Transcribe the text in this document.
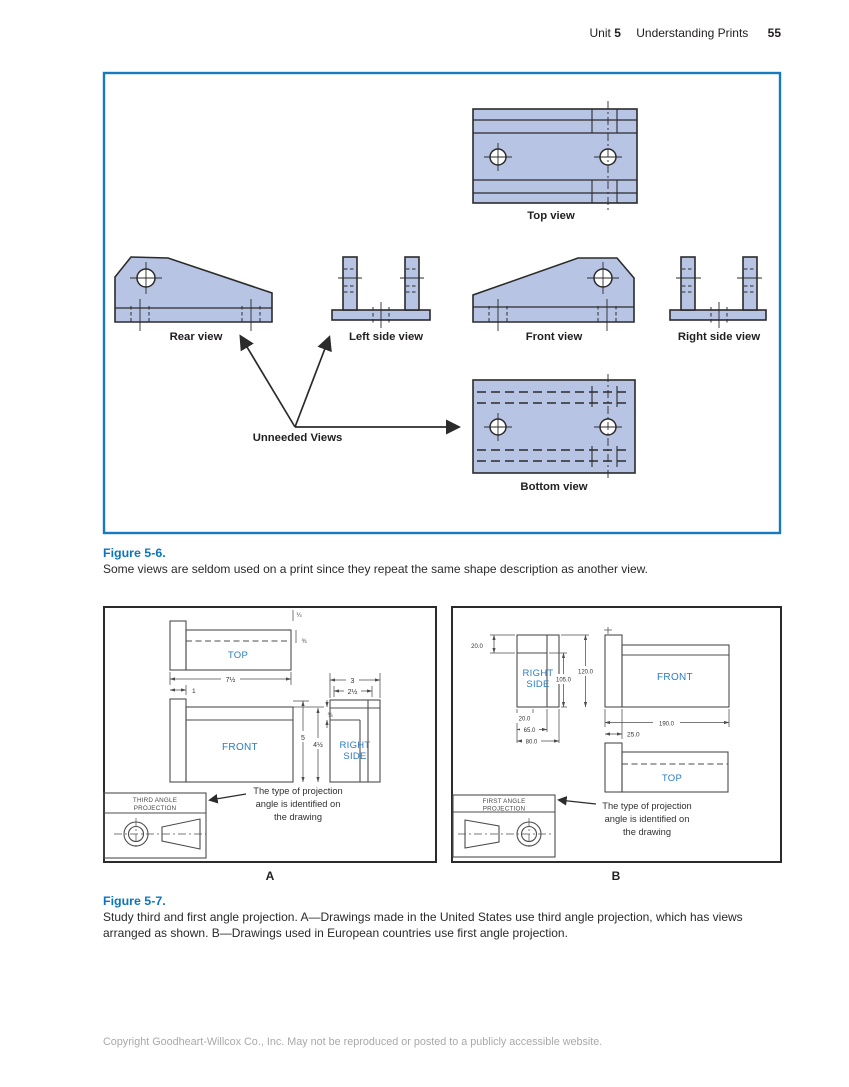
Unit 5 Understanding Prints 55
Top view
Rear view	Left side view	Front view	Right side view
Bottom view
Unneeded Views
Figure 5-6.
Some views are seldom used on a print since they repeat the same shape description as another view.
¼
¾
7½
1
5
4½
¾
3
2½
THIRD ANGLE
PROJECTION
20.0
105.0
120.0
20.0
65.0
80.0
190.0
25.0
FIRST ANGLE
PROJECTION
TOP
FRONT	RIGHT SIDE
RIGHT SIDE
FRONT
TOP
The type of projection
angle is identified on
the drawing
The type of projection
angle is identified on
the drawing
A	B
Figure 5-7.
Study third and first angle projection. A—Drawings made in the United States use third angle projection, which has views
arranged as shown. B—Drawings used in European countries use first angle projection.
Copyright Goodheart-Willcox Co., Inc. May not be reproduced or posted to a publicly accessible website.
